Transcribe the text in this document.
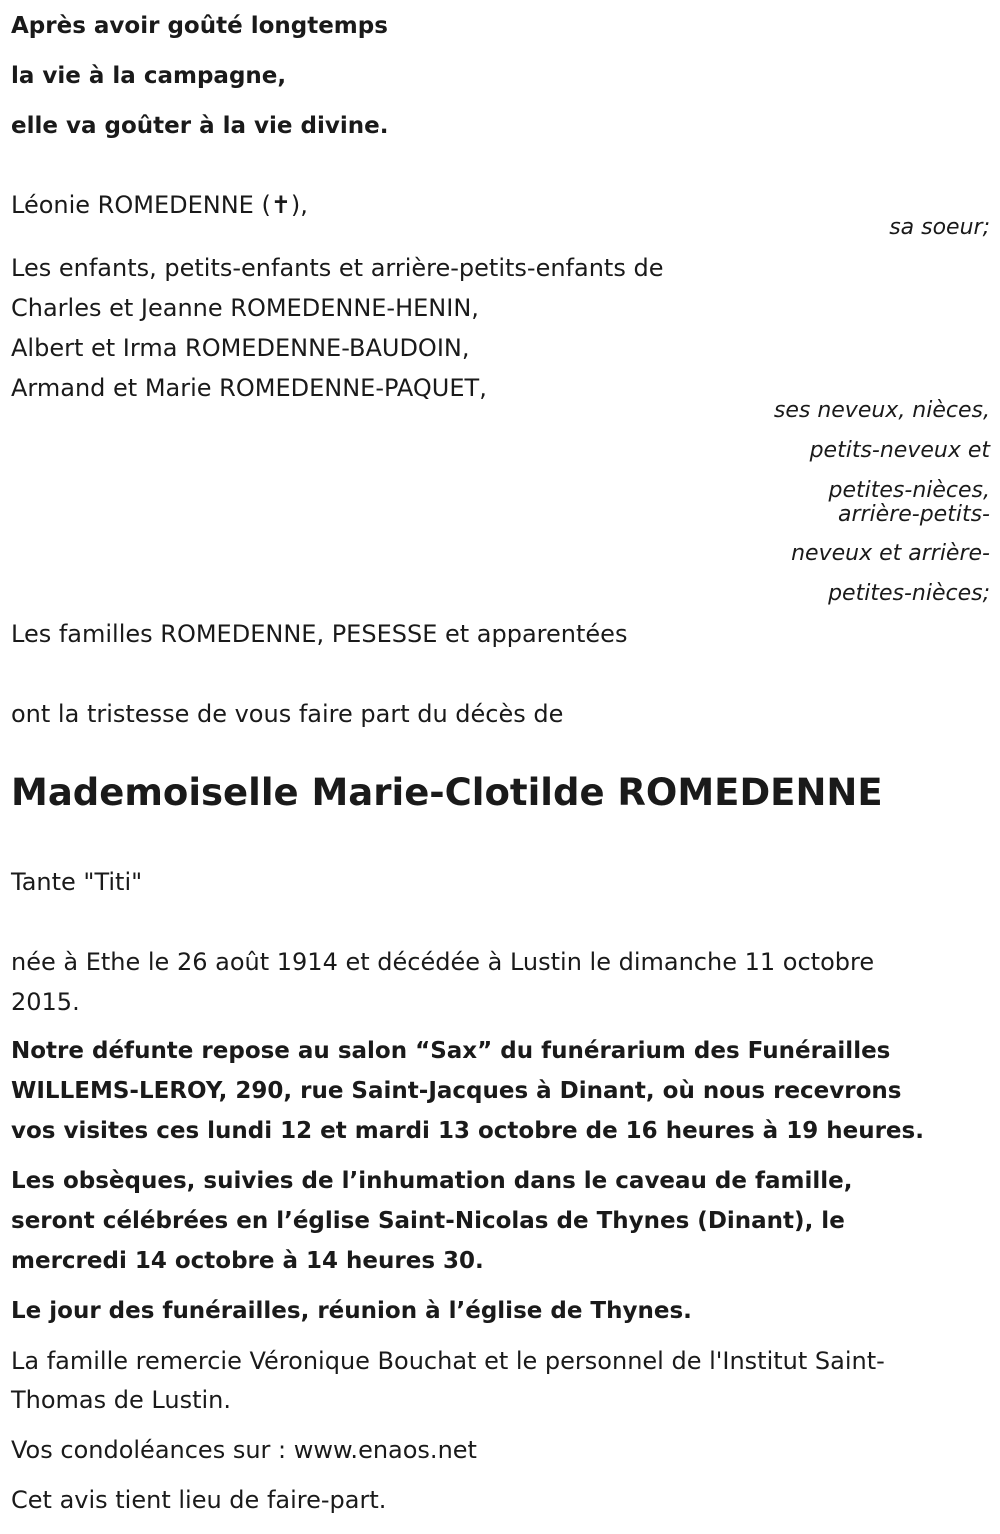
Après avoir goûté longtemps

la vie à la campagne,

elle va goûter à la vie divine.

Léonie ROMEDENNE (✝),

sa soeur;

Les enfants, petits-enfants et arrière-petits-enfants de

Charles et Jeanne ROMEDENNE-HENIN,

Albert et Irma ROMEDENNE-BAUDOIN,

Armand et Marie ROMEDENNE-PAQUET,

ses neveux, nièces,

petits-neveux et

petites-nièces,

arrière-petits-

neveux et arrière-

petites-nièces;

Les familles ROMEDENNE, PESESSE et apparentées

ont la tristesse de vous faire part du décès de

Mademoiselle Marie-Clotilde ROMEDENNE

Tante "Titi"

née à Ethe le 26 août 1914 et décédée à Lustin le dimanche 11 octobre

2015.

Notre défunte repose au salon “Sax” du funérarium des Funérailles

WILLEMS-LEROY, 290, rue Saint-Jacques à Dinant, où nous recevrons

vos visites ces lundi 12 et mardi 13 octobre de 16 heures à 19 heures.

Les obsèques, suivies de l’inhumation dans le caveau de famille,

seront célébrées en l’église Saint-Nicolas de Thynes (Dinant), le

mercredi 14 octobre à 14 heures 30.

Le jour des funérailles, réunion à l’église de Thynes.

La famille remercie Véronique Bouchat et le personnel de l'Institut Saint-

Thomas de Lustin.

Vos condoléances sur : www.enaos.net

Cet avis tient lieu de faire-part.
